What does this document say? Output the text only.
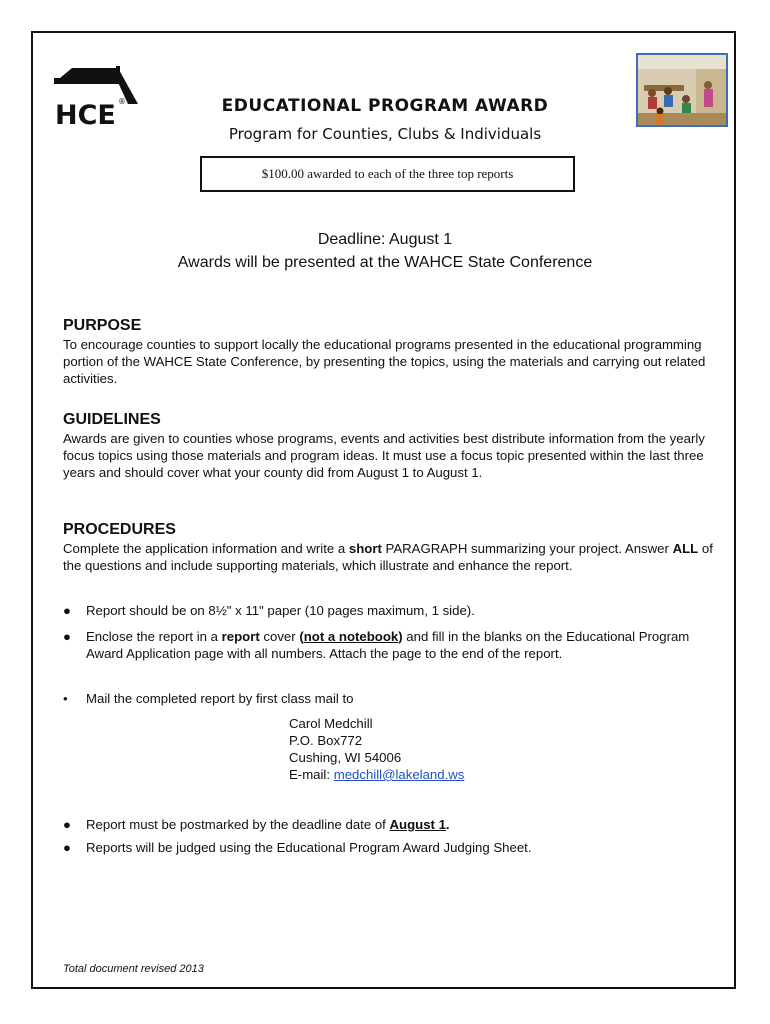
HCE ®	EDUCATIONAL PROGRAM AWARD
Program for Counties, Clubs & Individuals
$100.00 awarded to each of the three top reports
Deadline: August 1
Awards will be presented at the WAHCE State Conference
PURPOSE

To encourage counties to support locally the educational programs presented in the educational programming portion of the WAHCE State Conference, by presenting the topics, using the materials and carrying out related activities.

GUIDELINES

Awards are given to counties whose programs, events and activities best distribute information from the yearly focus topics using those materials and program ideas. It must use a focus topic presented within the last three years and should cover what your county did from August 1 to August 1.

PROCEDURES

Complete the application information and write a short PARAGRAPH summarizing your project. Answer ALL of the questions and include supporting materials, which illustrate and enhance the report.

● Report should be on 8½" x 11" paper (10 pages maximum, 1 side).
● Enclose the report in a report cover (not a notebook) and fill in the blanks on the Educational Program Award Application page with all numbers. Attach the page to the end of the report.
• Mail the completed report by first class mail to
Carol Medchill
P.O. Box772
Cushing, WI 54006
E-mail: medchill@lakeland.ws
● Report must be postmarked by the deadline date of August 1.
● Reports will be judged using the Educational Program Award Judging Sheet.
Total document revised 2013
